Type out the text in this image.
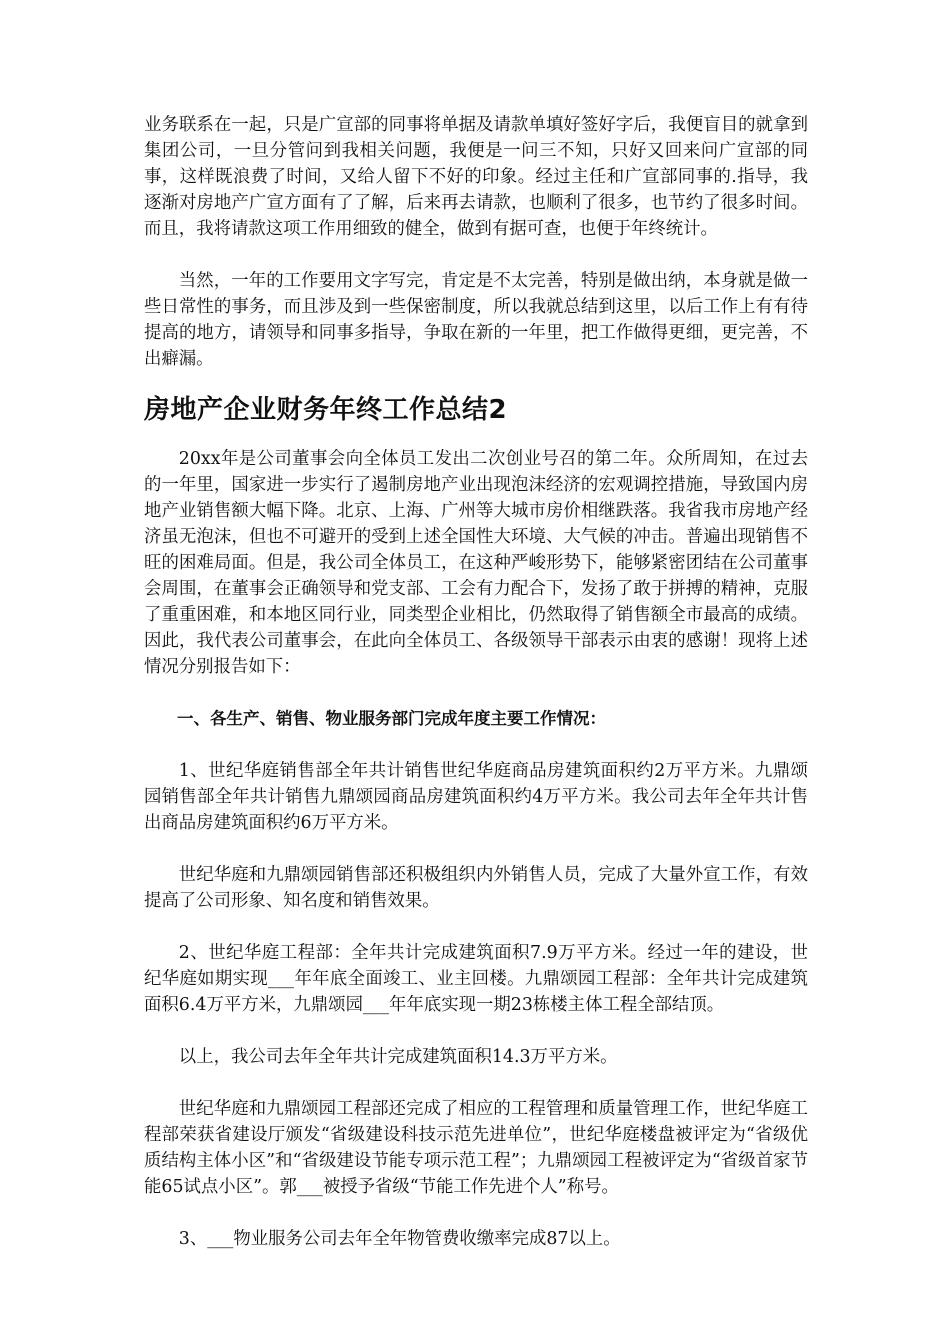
业务联系在一起，只是广宣部的同事将单据及请款单填好签好字后，我便盲目的就拿到集团公司，一旦分管问到我相关问题，我便是一问三不知，只好又回来问广宣部的同事，这样既浪费了时间，又给人留下不好的印象。经过主任和广宣部同事的.指导，我逐渐对房地产广宣方面有了了解，后来再去请款，也顺利了很多，也节约了很多时间。而且，我将请款这项工作用细致的健全，做到有据可查，也便于年终统计。

当然，一年的工作要用文字写完，肯定是不太完善，特别是做出纳，本身就是做一些日常性的事务，而且涉及到一些保密制度，所以我就总结到这里，以后工作上有有待提高的地方，请领导和同事多指导，争取在新的一年里，把工作做得更细，更完善，不出癖漏。

房地产企业财务年终工作总结2

20xx年是公司董事会向全体员工发出二次创业号召的第二年。众所周知，在过去的一年里，国家进一步实行了遏制房地产业出现泡沫经济的宏观调控措施，导致国内房地产业销售额大幅下降。北京、上海、广州等大城市房价相继跌落。我省我市房地产经济虽无泡沫，但也不可避开的受到上述全国性大环境、大气候的冲击。普遍出现销售不旺的困难局面。但是，我公司全体员工，在这种严峻形势下，能够紧密团结在公司董事会周围，在董事会正确领导和党支部、工会有力配合下，发扬了敢于拼搏的精神，克服了重重困难，和本地区同行业，同类型企业相比，仍然取得了销售额全市最高的成绩。因此，我代表公司董事会，在此向全体员工、各级领导干部表示由衷的感谢！现将上述情况分别报告如下：

一、各生产、销售、物业服务部门完成年度主要工作情况：

1、世纪华庭销售部全年共计销售世纪华庭商品房建筑面积约2万平方米。九鼎颂园销售部全年共计销售九鼎颂园商品房建筑面积约4万平方米。我公司去年全年共计售出商品房建筑面积约6万平方米。

世纪华庭和九鼎颂园销售部还积极组织内外销售人员，完成了大量外宣工作，有效提高了公司形象、知名度和销售效果。

2、世纪华庭工程部：全年共计完成建筑面积7.9万平方米。经过一年的建设，世纪华庭如期实现___年年底全面竣工、业主回楼。九鼎颂园工程部：全年共计完成建筑面积6.4万平方米，九鼎颂园___年年底实现一期23栋楼主体工程全部结顶。

以上，我公司去年全年共计完成建筑面积14.3万平方米。

世纪华庭和九鼎颂园工程部还完成了相应的工程管理和质量管理工作，世纪华庭工程部荣获省建设厅颁发“省级建设科技示范先进单位”，世纪华庭楼盘被评定为“省级优质结构主体小区”和“省级建设节能专项示范工程”；九鼎颂园工程被评定为“省级首家节能65试点小区”。郭___被授予省级“节能工作先进个人”称号。

3、___物业服务公司去年全年物管费收缴率完成87以上。
